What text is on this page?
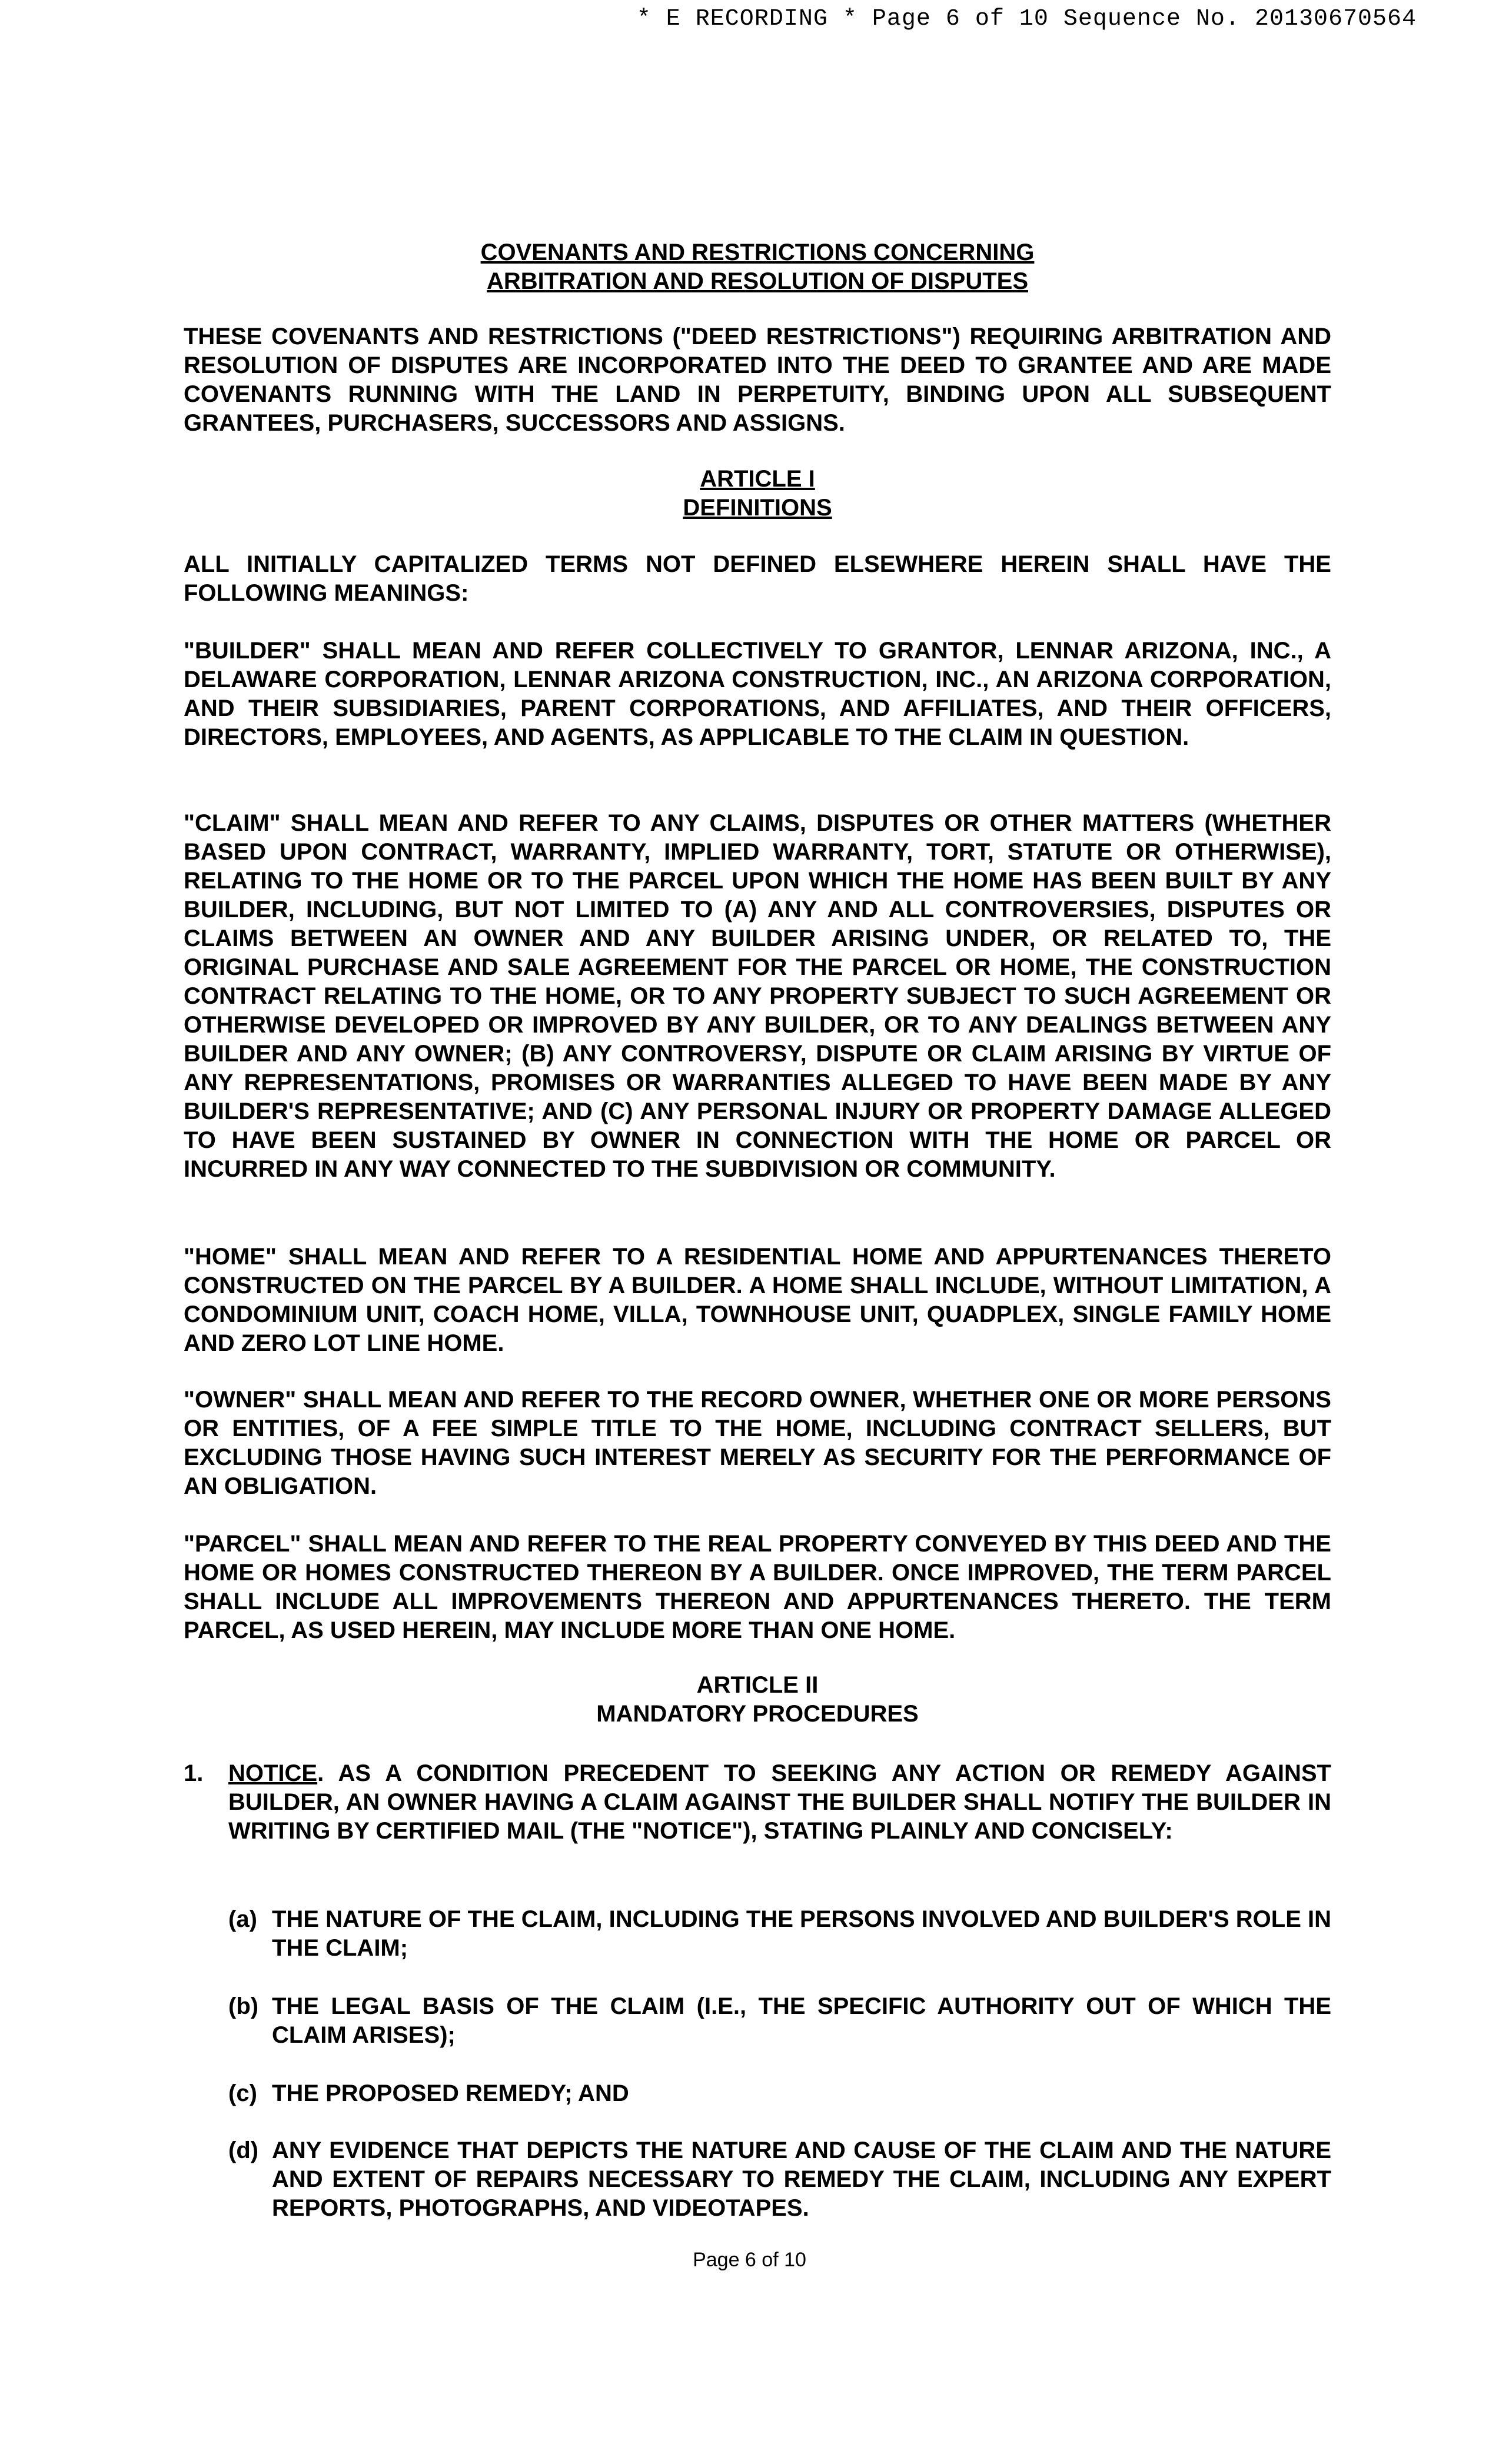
* E RECORDING * Page 6 of 10 Sequence No. 20130670564
COVENANTS AND RESTRICTIONS CONCERNING
ARBITRATION AND RESOLUTION OF DISPUTES
THESE COVENANTS AND RESTRICTIONS ("DEED RESTRICTIONS") REQUIRING ARBITRATION AND RESOLUTION OF DISPUTES ARE INCORPORATED INTO THE DEED TO GRANTEE AND ARE MADE COVENANTS RUNNING WITH THE LAND IN PERPETUITY, BINDING UPON ALL SUBSEQUENT GRANTEES, PURCHASERS, SUCCESSORS AND ASSIGNS.
ARTICLE I
DEFINITIONS
ALL INITIALLY CAPITALIZED TERMS NOT DEFINED ELSEWHERE HEREIN SHALL HAVE THE FOLLOWING MEANINGS:
"BUILDER" SHALL MEAN AND REFER COLLECTIVELY TO GRANTOR, LENNAR ARIZONA, INC., A DELAWARE CORPORATION, LENNAR ARIZONA CONSTRUCTION, INC., AN ARIZONA CORPORATION, AND THEIR SUBSIDIARIES, PARENT CORPORATIONS, AND AFFILIATES, AND THEIR OFFICERS, DIRECTORS, EMPLOYEES, AND AGENTS, AS APPLICABLE TO THE CLAIM IN QUESTION.
"CLAIM" SHALL MEAN AND REFER TO ANY CLAIMS, DISPUTES OR OTHER MATTERS (WHETHER BASED UPON CONTRACT, WARRANTY, IMPLIED WARRANTY, TORT, STATUTE OR OTHERWISE), RELATING TO THE HOME OR TO THE PARCEL UPON WHICH THE HOME HAS BEEN BUILT BY ANY BUILDER, INCLUDING, BUT NOT LIMITED TO (A) ANY AND ALL CONTROVERSIES, DISPUTES OR CLAIMS BETWEEN AN OWNER AND ANY BUILDER ARISING UNDER, OR RELATED TO, THE ORIGINAL PURCHASE AND SALE AGREEMENT FOR THE PARCEL OR HOME, THE CONSTRUCTION CONTRACT RELATING TO THE HOME, OR TO ANY PROPERTY SUBJECT TO SUCH AGREEMENT OR OTHERWISE DEVELOPED OR IMPROVED BY ANY BUILDER, OR TO ANY DEALINGS BETWEEN ANY BUILDER AND ANY OWNER; (B) ANY CONTROVERSY, DISPUTE OR CLAIM ARISING BY VIRTUE OF ANY REPRESENTATIONS, PROMISES OR WARRANTIES ALLEGED TO HAVE BEEN MADE BY ANY BUILDER'S REPRESENTATIVE; AND (C) ANY PERSONAL INJURY OR PROPERTY DAMAGE ALLEGED TO HAVE BEEN SUSTAINED BY OWNER IN CONNECTION WITH THE HOME OR PARCEL OR INCURRED IN ANY WAY CONNECTED TO THE SUBDIVISION OR COMMUNITY.
"HOME" SHALL MEAN AND REFER TO A RESIDENTIAL HOME AND APPURTENANCES THERETO CONSTRUCTED ON THE PARCEL BY A BUILDER. A HOME SHALL INCLUDE, WITHOUT LIMITATION, A CONDOMINIUM UNIT, COACH HOME, VILLA, TOWNHOUSE UNIT, QUADPLEX, SINGLE FAMILY HOME AND ZERO LOT LINE HOME.
"OWNER" SHALL MEAN AND REFER TO THE RECORD OWNER, WHETHER ONE OR MORE PERSONS OR ENTITIES, OF A FEE SIMPLE TITLE TO THE HOME, INCLUDING CONTRACT SELLERS, BUT EXCLUDING THOSE HAVING SUCH INTEREST MERELY AS SECURITY FOR THE PERFORMANCE OF AN OBLIGATION.
"PARCEL" SHALL MEAN AND REFER TO THE REAL PROPERTY CONVEYED BY THIS DEED AND THE HOME OR HOMES CONSTRUCTED THEREON BY A BUILDER. ONCE IMPROVED, THE TERM PARCEL SHALL INCLUDE ALL IMPROVEMENTS THEREON AND APPURTENANCES THERETO. THE TERM PARCEL, AS USED HEREIN, MAY INCLUDE MORE THAN ONE HOME.
ARTICLE II
MANDATORY PROCEDURES
1. NOTICE. AS A CONDITION PRECEDENT TO SEEKING ANY ACTION OR REMEDY AGAINST BUILDER, AN OWNER HAVING A CLAIM AGAINST THE BUILDER SHALL NOTIFY THE BUILDER IN WRITING BY CERTIFIED MAIL (THE "NOTICE"), STATING PLAINLY AND CONCISELY:
(a) THE NATURE OF THE CLAIM, INCLUDING THE PERSONS INVOLVED AND BUILDER'S ROLE IN THE CLAIM;
(b) THE LEGAL BASIS OF THE CLAIM (I.E., THE SPECIFIC AUTHORITY OUT OF WHICH THE CLAIM ARISES);
(c) THE PROPOSED REMEDY; AND
(d) ANY EVIDENCE THAT DEPICTS THE NATURE AND CAUSE OF THE CLAIM AND THE NATURE AND EXTENT OF REPAIRS NECESSARY TO REMEDY THE CLAIM, INCLUDING ANY EXPERT REPORTS, PHOTOGRAPHS, AND VIDEOTAPES.
Page 6 of 10
